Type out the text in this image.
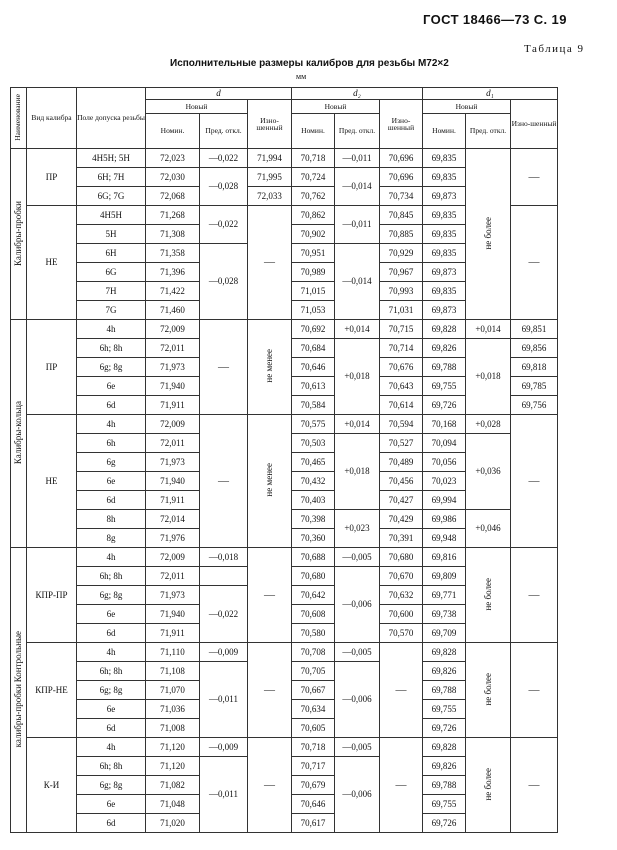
ГОСТ 18466—73 С. 19
Таблица 9
Исполнительные размеры калибров для резьбы М72×2
мм
Наименование	Вид калибра	Поле допуска резьбы	d			d₂			d₁		
			Новый		Изно-шенный	Новый		Изно-шенный	Новый		Изно-шенный
			Номин.	Пред. откл.		Номин.	Пред. откл.		Номин.	Пред. откл.	
Калибры-пробки	ПР	4H5H; 5H	72,023	—0,022	71,994	70,718	—0,011	70,696	69,835	не более	—
		6H; 7H	72,030	—0,028	71,995	70,724	—0,014	70,696	69,835		
		6G; 7G	72,068		72,033	70,762		70,734	69,873		
	НЕ	4H5H	71,268	—0,022	—	70,862	—0,011	70,845	69,835		—
		5H	71,308			70,902		70,885	69,835		
		6H	71,358	—0,028		70,951	—0,014	70,929	69,835		
		6G	71,396			70,989		70,967	69,873		
		7H	71,422			71,015		70,993	69,835		
		7G	71,460			71,053		71,031	69,873		
Калибры-кольца	ПР	4h	72,009	—	не менее	70,692	+0,014	70,715	69,828	+0,014	69,851
		6h; 8h	72,011			70,684	+0,018	70,714	69,826	+0,018	69,856
		6g; 8g	71,973			70,646		70,676	69,788		69,818
		6e	71,940			70,613		70,643	69,755		69,785
		6d	71,911			70,584		70,614	69,726		69,756
	НЕ	4h	72,009	—	не менее	70,575	+0,014	70,594	70,168	+0,028	—
		6h	72,011			70,503	+0,018	70,527	70,094	+0,036	
		6g	71,973			70,465		70,489	70,056		
		6e	71,940			70,432		70,456	70,023		
		6d	71,911			70,403		70,427	69,994		
		8h	72,014			70,398	+0,023	70,429	69,986	+0,046	
		8g	71,976			70,360		70,391	69,948		
Контрольныекалибры-пробки	КПР-ПР	4h	72,009	—0,018	—	70,688	—0,005	70,680	69,816	не более	—
		6h; 8h	72,011			70,680	—0,006	70,670	69,809		
		6g; 8g	71,973	—0,022		70,642		70,632	69,771		
		6e	71,940			70,608		70,600	69,738		
		6d	71,911			70,580		70,570	69,709		
	КПР-НЕ	4h	71,110	—0,009	—	70,708	—0,005	—	69,828	не более	—
		6h; 8h	71,108	—0,011		70,705	—0,006		69,826		
		6g; 8g	71,070			70,667			69,788		
		6e	71,036			70,634			69,755		
		6d	71,008			70,605			69,726		
	К-И	4h	71,120	—0,009	—	70,718	—0,005	—	69,828	не более	—
		6h; 8h	71,120	—0,011		70,717	—0,006		69,826		
		6g; 8g	71,082			70,679			69,788		
		6e	71,048			70,646			69,755		
		6d	71,020			70,617			69,726		
